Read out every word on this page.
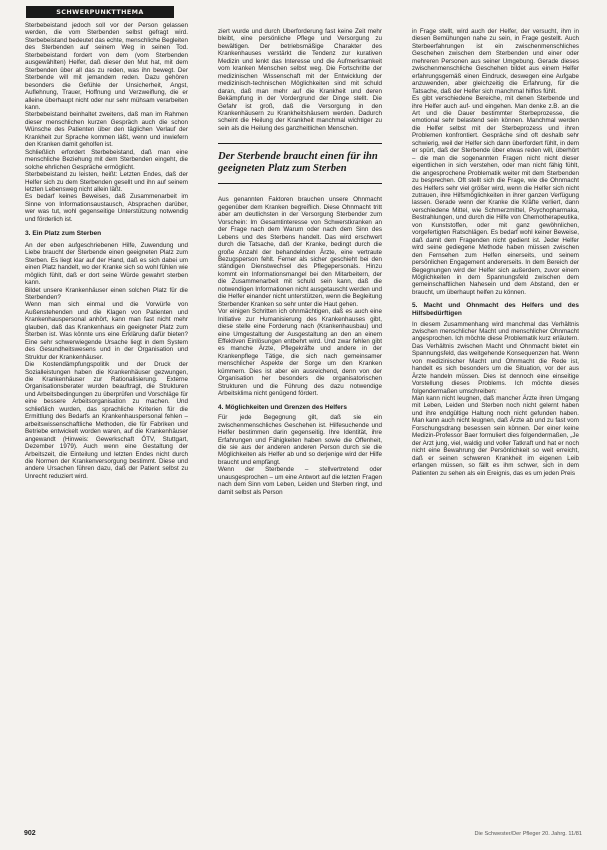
SCHWERPUNKTTHEMA

Sterbebeistand jedoch soll vor der Person gelassen werden, die vom Sterbenden selbst gefragt wird. Sterbebeistand bedeutet das echte, menschliche Begleiten des Sterbenden auf seinem Weg in seinen Tod. Sterbebeistand fordert von dem (vom Sterbenden ausgewählten) Helfer, daß dieser den Mut hat, mit dem Sterbenden über all das zu reden, was ihn bewegt. Der Sterbende will mit jemandem reden. Dazu gehören besonders die Gefühle der Unsicherheit, Angst, Auflehnung, Trauer, Hoffnung und Verzweiflung, die er alleine überhaupt nicht oder nur sehr mühsam verarbeiten kann.

Sterbebeistand beinhaltet zweitens, daß man im Rahmen dieser menschlichen kurzen Gespräch auch die schon Wünsche des Patienten über den täglichen Verlauf der Krankheit zur Sprache kommen läßt, wenn und inwiefern den Kranken damit geholfen ist.

Schließlich erfordert Sterbebeistand, daß man eine menschliche Beziehung mit dem Sterbenden eingeht, die solche ehrlichen Gespräche ermöglicht.

Sterbebeistand zu leisten, heißt: Letzten Endes, daß der Helfer sich zu dem Sterbenden gesellt und ihn auf seinem letzten Lebensweg nicht allein läßt.

Es bedarf keines Beweises, daß Zusammenarbeit im Sinne von Informationsaustausch, Absprachen darüber, wer was tut, wohl gegenseitige Unterstützung notwendig und förderlich ist.

3. Ein Platz zum Sterben

An der eben aufgeschriebenen Hilfe, Zuwendung und Liebe braucht der Sterbende einen geeigneten Platz zum Sterben. Es liegt klar auf der Hand, daß es sich dabei um einen Platz handelt, wo der Kranke sich so wohl fühlen wie möglich fühlt, daß er dort seine Würde gewahrt sterben kann.

Bildet unsere Krankenhäuser einen solchen Platz für die Sterbenden?

Wenn man sich einmal und die Vorwürfe von Außenstehenden und die Klagen von Patienten und Krankenhauspersonal anhört, kann man fast nicht mehr glauben, daß das Krankenhaus ein geeigneter Platz zum Sterben ist. Was könnte uns eine Erklärung dafür bieten? Eine sehr schwerwiegende Ursache liegt in dem System des Gesundheitswesens und in der Organisation und Struktur der Krankenhäuser.

Die Kostendämpfungspolitik und der Druck der Sozialleistungen haben die Krankenhäuser gezwungen, die Krankenhäuser zur Rationalisierung. Externe Organisationsberater wurden beauftragt, die Strukturen und Arbeitsbedingungen zu überprüfen und Vorschläge für eine bessere Arbeitsorganisation zu machen. Und schließlich wurden, das sprachliche Kriterien für die Ermittlung des Bedarfs an Krankenhauspersonal fehlen – arbeitswissenschaftliche Methoden, die für Fabriken und Betriebe entwickelt worden waren, auf die Krankenhäuser angewandt (Hinweis: Gewerkschaft ÖTV, Stuttgart, Dezember 1979). Auch wenn eine Gestaltung der Arbeitszeit, die Einteilung und letzten Endes nicht durch die Normen der Krankenversorgung bestimmt. Diese und andere Ursachen führen dazu, daß der Patient selbst zu Unrecht reduziert wird.

ziert wurde und durch Überforderung fast keine Zeit mehr bleibt, eine persönliche Pflege und Versorgung zu bewältigen. Der betriebsmäßige Charakter des Krankenhauses verstärkt die Tendenz zur kurativen Medizin und lenkt das Interesse und die Aufmerksamkeit vom kranken Menschen selbst weg. Die Fortschritte der medizinischen Wissenschaft mit der Entwicklung der medizinisch-technischen Möglichkeiten sind mit schuld daran, daß man mehr auf die Krankheit und deren Bekämpfung in der Vordergrund der Dinge stellt. Die Gefahr ist groß, daß die Versorgung in den Krankenhäusern zu Krankheitshäusern werden. Dadurch scheint die Heilung der Krankheit manchmal wichtiger zu sein als die Heilung des ganzheitlichen Menschen.

Der Sterbende braucht einen für ihn geeigneten Platz zum Sterben

Aus genannten Faktoren brauchen unsere Ohnmacht gegenüber dem Kranken begreiflich. Diese Ohnmacht tritt aber am deutlichsten in der Versorgung Sterbender zum Vorschein: Im Gesamtinteresse von Schwerstkranken an der Frage nach dem Warum oder nach dem Sinn des Lebens und des Sterbens handelt. Das wird erschwert durch die Tatsache, daß der Kranke, bedingt durch die große Anzahl der behandelnden Ärzte, eine vertraute Bezugsperson fehlt. Ferner als sicher geschieht bei den ständigen Dienstwechsel des Pflegepersonals. Hinzu kommt ein Informationsmangel bei den Mitarbeitern, der die Zusammenarbeit mit schuld sein kann, daß die notwendigen Informationen nicht ausgetauscht werden und die Helfer einander nicht unterstützen, wenn die Begleitung Sterbender Kranken so sehr unter die Haut gehen.

Vor einigen Schritten ich ohnmächtigen, daß es auch eine Initiative zur Humanisierung des Krankenhauses gibt, diese stelle eine Forderung nach (Krankenhausbau) und eine Umgestaltung der Ausgestaltung an den an einem Effektiven Einlösungen entbehrt wird. Und zwar fehlen gibt es manche Ärzte, Pflegekräfte und andere in der Krankenpflege Tätige, die sich nach gemeinsamer menschlicher Aspekte der Sorge um den Kranken kümmern. Dies ist aber ein ausreichend, denn von der Organisation her besonders die organisatorischen Strukturen und die Führung des dazu notwendige Arbeitsklima nicht genügend fördert.

4. Möglichkeiten und Grenzen des Helfers

Für jede Begegnung gilt, daß sie ein zwischenmenschliches Geschehen ist. Hilfesuchende und Helfer bestimmen darin gegenseitig. Ihre Identität, ihre Erfahrungen und Fähigkeiten haben sowie die Offenheit, die sie aus der anderen anderen Person durch sie die Möglichkeiten als Helfer ab und so derjenige wird der Hilfe braucht und empfängt.

Wenn der Sterbende – stellvertretend oder unausgesprochen – um eine Antwort auf die letzten Fragen nach dem Sinn vom Leben, Leiden und Sterben ringt, und damit selbst als Person

in Frage stellt, wird auch der Helfer, der versucht, ihm in diesen Bemühungen nahe zu sein, in Frage gestellt. Auch Sterbeerfahrungen ist ein zwischenmenschliches Geschehen zwischen dem Sterbenden und einer oder mehreren Personen aus seiner Umgebung. Gerade dieses zwischenmenschliche Geschehen bildet aus einem Helfer erfahrungsgemäß einen Eindruck, deswegen eine Aufgabe anzuwenden, aber gleichzeitig die Erfahrung, für die Tatsache, daß der Helfer sich manchmal hilflos fühlt.

Es gibt verschiedene Bereiche, mit denen Sterbende und ihre Helfer auch auf- und eingehen. Man denke z.B. an die Art und die Dauer bestimmter Sterbeprozesse, die emotional sehr belastend sein können. Manchmal werden die Helfer selbst mit der Sterbeprozess und ihren Problemen konfrontiert. Gespräche sind oft deshalb sehr schwierig, weil der Helfer sich dann überfordert fühlt, in dem er spürt, daß der Sterbende über etwas reden will, überhört – die man die sogenannten Fragen nicht nicht dieser eigentlichen in sich verstehen, oder man nicht fähig fühlt, die angesprochene Problematik weiter mit dem Sterbenden zu besprechen. Oft stellt sich die Frage, wie die Ohnmacht des Helfers sehr viel größer wird, wenn die Helfer sich nicht zutrauen, ihre Hilfsmöglichkeiten in ihrer ganzen Verfügung lassen. Gerade wenn der Kranke die Kräfte verliert, dann verschiedene Mittel, wie Schmerzmittel, Psychopharmaka, Bestrahlungen, und durch die Hilfe von Chemotherapeutika, von Kunststoffen, oder mit ganz gewöhnlichen, vorgefertigten Ratschlägen. Es bedarf wohl keiner Beweise, daß damit dem Fragenden nicht gedient ist. Jeder Helfer wird seine gediegene Methode haben müssen zwischen den Fernsehen zum Helfen einerseits, und seinem persönlichen Engagement andererseits. In dem Bereich der Begegnungen wird der Helfer sich außerdem, zuvor einem Möglichkeiten in dem Spannungsfeld zwischen dem gemeinschaftlichen Nahesein und dem Abstand, den er braucht, um überhaupt helfen zu können.

5. Macht und Ohnmacht des Helfers und des Hilfsbedürftigen

In diesem Zusammenhang wird manchmal das Verhältnis zwischen menschlicher Macht und menschlicher Ohnmacht angesprochen. Ich möchte diese Problematik kurz erläutern. Das Verhältnis zwischen Macht und Ohnmacht bietet ein Spannungsfeld, das weitgehende Konsequenzen hat. Wenn von medizinischer Macht und Ohnmacht die Rede ist, handelt es sich besonders um die Situation, vor der aus Ärzte handeln müssen. Dies ist dennoch eine einseitige Vorstellung dieses Problems. Ich möchte dieses folgendermaßen umschreiben:

Man kann nicht leugnen, daß mancher Ärzte ihren Umgang mit Leben, Leiden und Sterben noch nicht gelernt haben und ihre endgültige Haltung noch nicht gefunden haben. Man kann auch nicht leugnen, daß Ärzte ab und zu fast vom Forschungsdrang besessen sein können. Der einer keine Medizin-Professor Baer formuliert dies folgendermaßen, „Je der Arzt jung, viel, waldig und voller Tatkraft und hat er noch nicht eine Bewahrung der Persönlichkeit so weit erreicht, daß er seinen schweren Krankheit im eigenen Leib erfangen müssen, so fällt es ihm schwer, sich in dem Patienten zu sehen als ein Ereignis, das es um jeden Preis

902	Die Schwester/Der Pfleger 20. Jahrg. 11/81
